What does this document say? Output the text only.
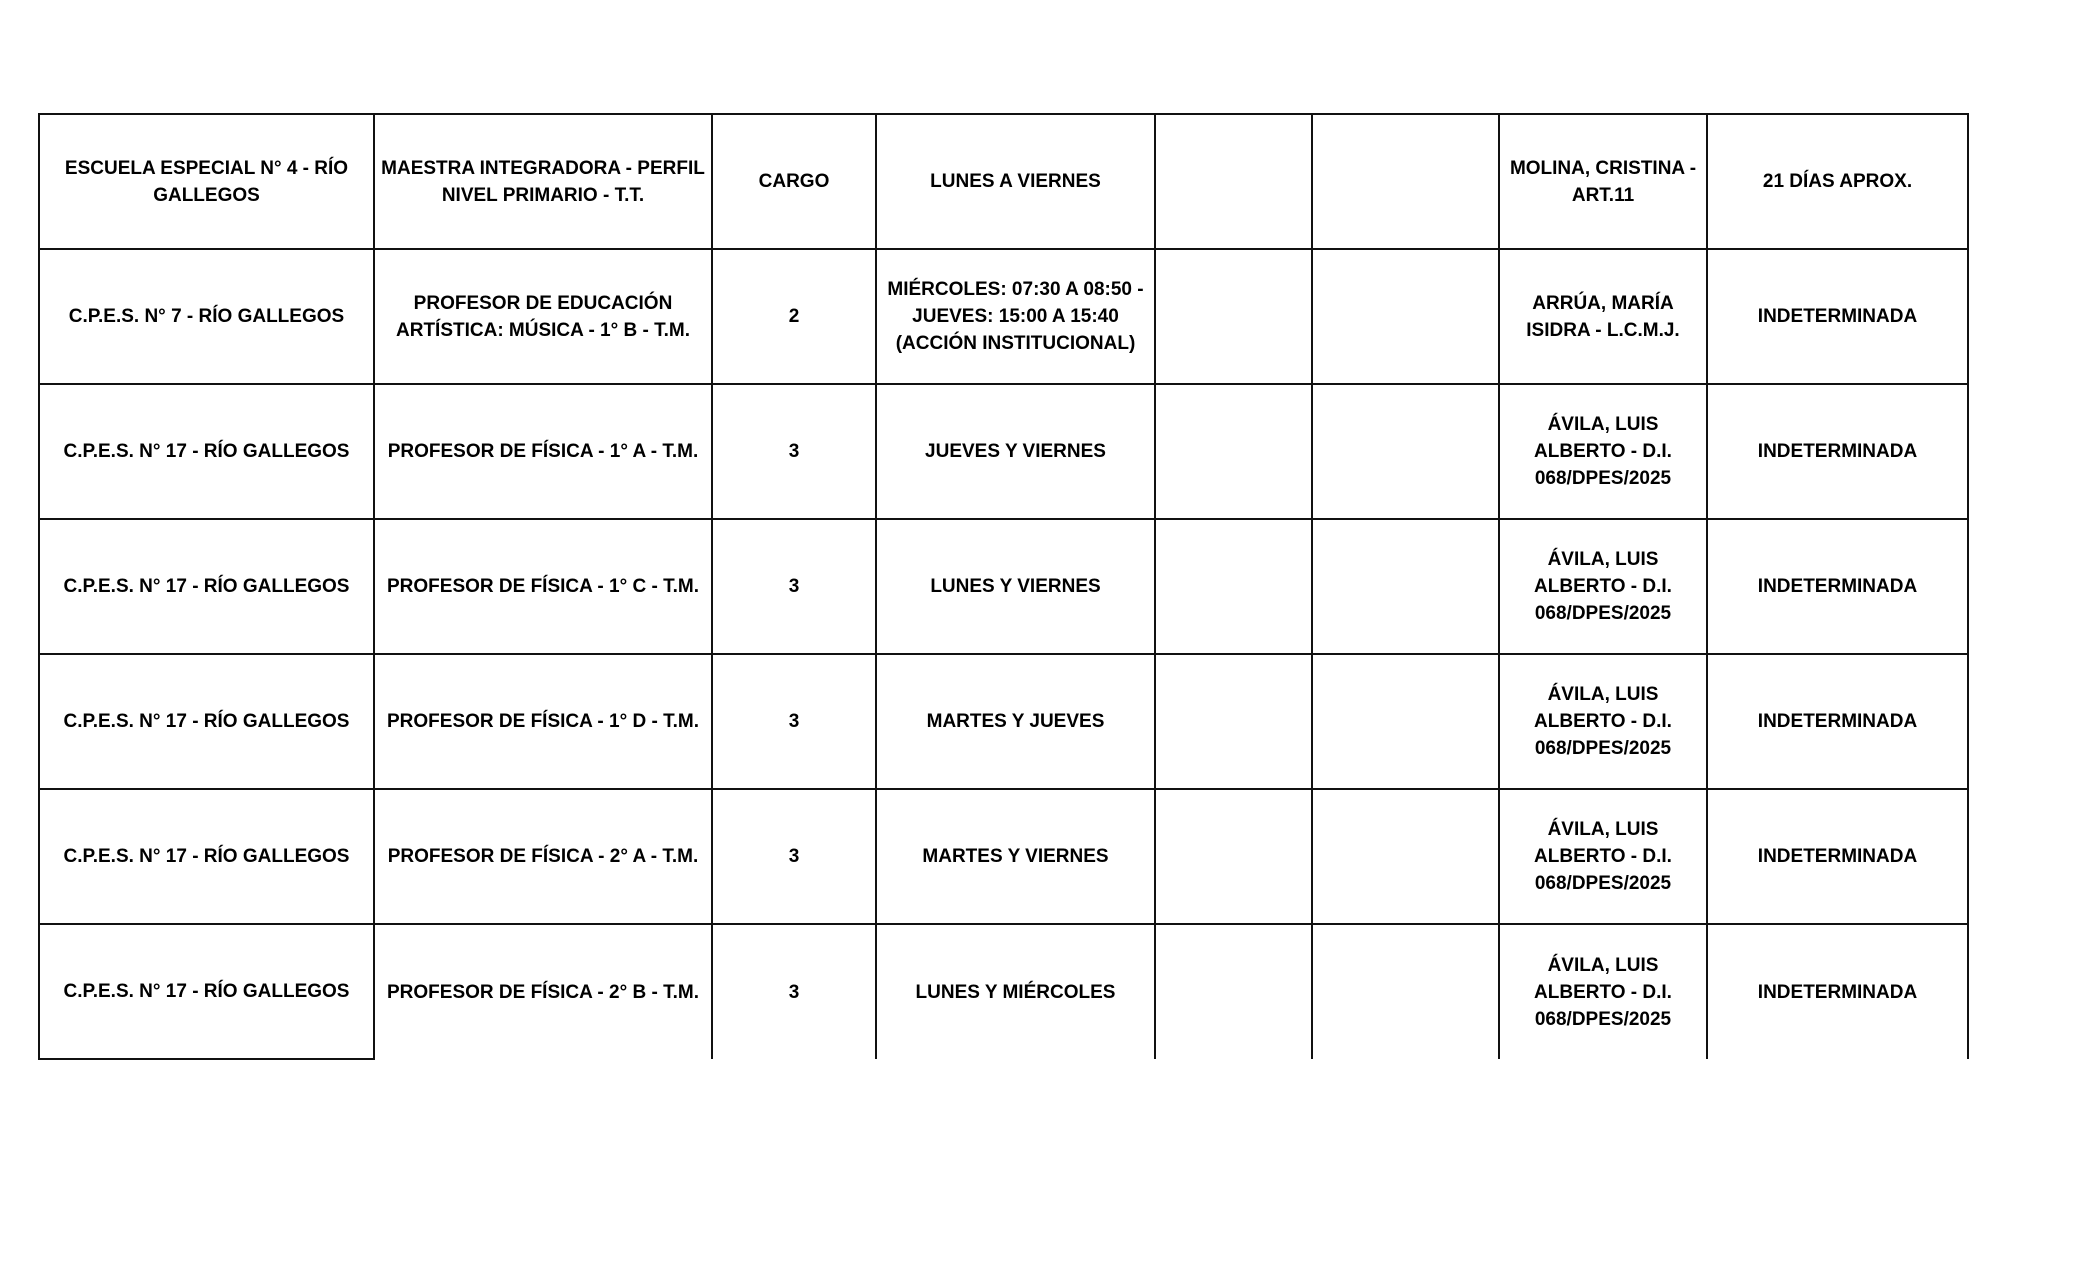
ESCUELA ESPECIAL N° 4 - RÍO GALLEGOS	MAESTRA INTEGRADORA - PERFIL NIVEL PRIMARIO - T.T.	CARGO	LUNES A VIERNES			MOLINA, CRISTINA - ART.11	21 DÍAS APROX.
C.P.E.S. N° 7 - RÍO GALLEGOS	PROFESOR DE EDUCACIÓN ARTÍSTICA: MÚSICA - 1° B - T.M.	2	MIÉRCOLES: 07:30 A 08:50 - JUEVES: 15:00 A 15:40 (ACCIÓN INSTITUCIONAL)			ARRÚA, MARÍA ISIDRA - L.C.M.J.	INDETERMINADA
C.P.E.S. N° 17 - RÍO GALLEGOS	PROFESOR DE FÍSICA - 1° A - T.M.	3	JUEVES Y VIERNES			ÁVILA, LUIS ALBERTO - D.I. 068/DPES/2025	INDETERMINADA
C.P.E.S. N° 17 - RÍO GALLEGOS	PROFESOR DE FÍSICA - 1° C - T.M.	3	LUNES Y VIERNES			ÁVILA, LUIS ALBERTO - D.I. 068/DPES/2025	INDETERMINADA
C.P.E.S. N° 17 - RÍO GALLEGOS	PROFESOR DE FÍSICA - 1° D - T.M.	3	MARTES Y JUEVES			ÁVILA, LUIS ALBERTO - D.I. 068/DPES/2025	INDETERMINADA
C.P.E.S. N° 17 - RÍO GALLEGOS	PROFESOR DE FÍSICA - 2° A - T.M.	3	MARTES Y VIERNES			ÁVILA, LUIS ALBERTO - D.I. 068/DPES/2025	INDETERMINADA
C.P.E.S. N° 17 - RÍO GALLEGOS	PROFESOR DE FÍSICA - 2° B - T.M.	3	LUNES Y MIÉRCOLES			ÁVILA, LUIS ALBERTO - D.I. 068/DPES/2025	INDETERMINADA
